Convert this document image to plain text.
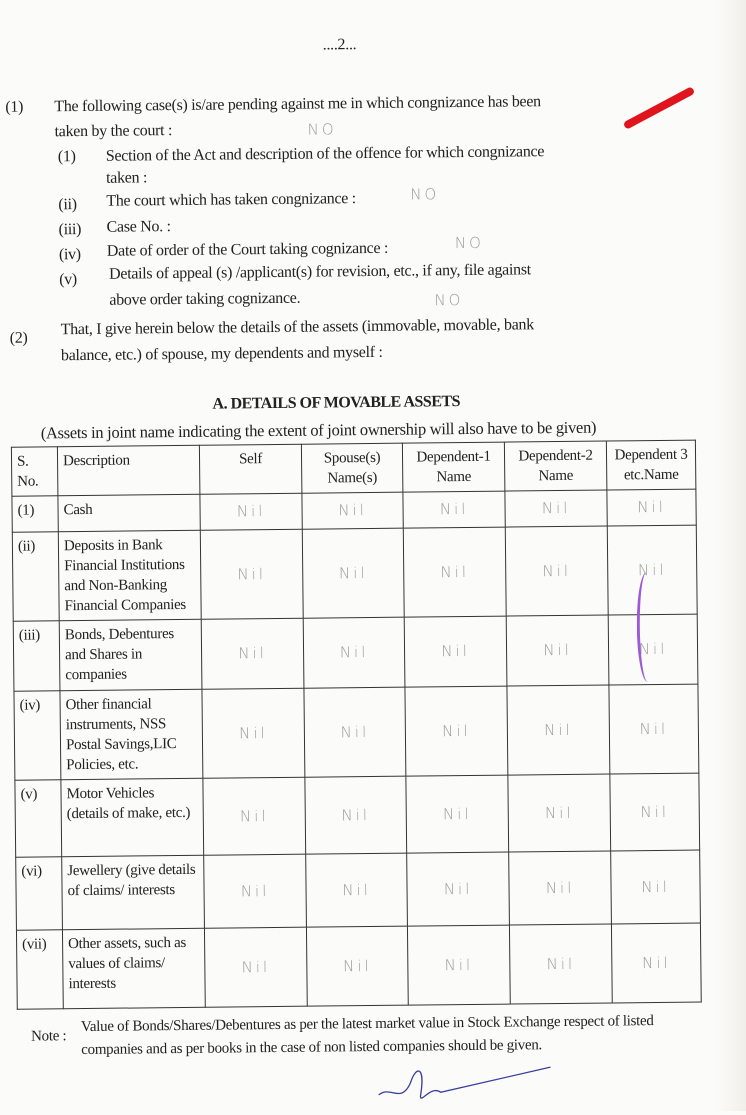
....2...
(1) The following case(s) is/are pending against me in which congnizance has been
taken by the court :	NO
(1) Section of the Act and description of the offence for which congnizance
taken :
(ii) The court which has taken congnizance :	NO
(iii) Case No. :
(iv) Date of order of the Court taking cognizance :	NO
(v) Details of appeal (s) /applicant(s) for revision, etc., if any, file against
above order taking cognizance.	NO
(2) That, I give herein below the details of the assets (immovable, movable, bank
balance, etc.) of spouse, my dependents and myself :
A. DETAILS OF MOVABLE ASSETS
(Assets in joint name indicating the extent of joint ownership will also have to be given)
S. No.	Description	Self	Spouse(s) Name(s)	Dependent-1 Name	Dependent-2 Name	Dependent 3 etc.Name
(1)	Cash	Nil	Nil	Nil	Nil	Nil
(ii)	Deposits in Bank Financial Institutions and Non-Banking Financial Companies	Nil	Nil	Nil	Nil	Nil
(iii)	Bonds, Debentures and Shares in companies	Nil	Nil	Nil	Nil	Nil
(iv)	Other financial instruments, NSS Postal Savings,LIC Policies, etc.	Nil	Nil	Nil	Nil	Nil
(v)	Motor Vehicles (details of make, etc.)	Nil	Nil	Nil	Nil	Nil
(vi)	Jewellery (give details of claims/ interests	Nil	Nil	Nil	Nil	Nil
(vii)	Other assets, such as values of claims/ interests	Nil	Nil	Nil	Nil	Nil
Note :
Value of Bonds/Shares/Debentures as per the latest market value in Stock Exchange respect of listed
companies and as per books in the case of non listed companies should be given.
